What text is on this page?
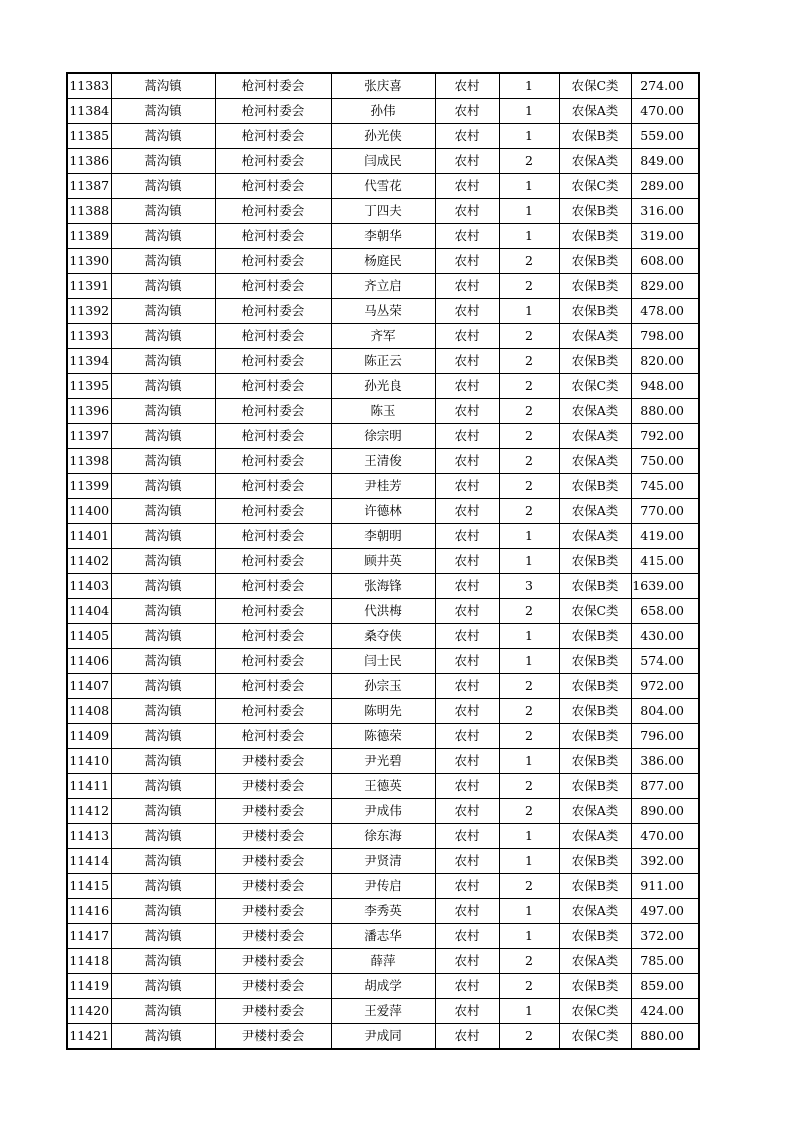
11383	蒿沟镇	枪河村委会	张庆喜	农村	1	农保C类	274.00
11384	蒿沟镇	枪河村委会	孙伟	农村	1	农保A类	470.00
11385	蒿沟镇	枪河村委会	孙光侠	农村	1	农保B类	559.00
11386	蒿沟镇	枪河村委会	闫成民	农村	2	农保A类	849.00
11387	蒿沟镇	枪河村委会	代雪花	农村	1	农保C类	289.00
11388	蒿沟镇	枪河村委会	丁四夫	农村	1	农保B类	316.00
11389	蒿沟镇	枪河村委会	李朝华	农村	1	农保B类	319.00
11390	蒿沟镇	枪河村委会	杨庭民	农村	2	农保B类	608.00
11391	蒿沟镇	枪河村委会	齐立启	农村	2	农保B类	829.00
11392	蒿沟镇	枪河村委会	马丛荣	农村	1	农保B类	478.00
11393	蒿沟镇	枪河村委会	齐军	农村	2	农保A类	798.00
11394	蒿沟镇	枪河村委会	陈正云	农村	2	农保B类	820.00
11395	蒿沟镇	枪河村委会	孙光良	农村	2	农保C类	948.00
11396	蒿沟镇	枪河村委会	陈玉	农村	2	农保A类	880.00
11397	蒿沟镇	枪河村委会	徐宗明	农村	2	农保A类	792.00
11398	蒿沟镇	枪河村委会	王清俊	农村	2	农保A类	750.00
11399	蒿沟镇	枪河村委会	尹桂芳	农村	2	农保B类	745.00
11400	蒿沟镇	枪河村委会	许德林	农村	2	农保A类	770.00
11401	蒿沟镇	枪河村委会	李朝明	农村	1	农保A类	419.00
11402	蒿沟镇	枪河村委会	顾井英	农村	1	农保B类	415.00
11403	蒿沟镇	枪河村委会	张海锋	农村	3	农保B类	1639.00
11404	蒿沟镇	枪河村委会	代洪梅	农村	2	农保C类	658.00
11405	蒿沟镇	枪河村委会	桑夺侠	农村	1	农保B类	430.00
11406	蒿沟镇	枪河村委会	闫士民	农村	1	农保B类	574.00
11407	蒿沟镇	枪河村委会	孙宗玉	农村	2	农保B类	972.00
11408	蒿沟镇	枪河村委会	陈明先	农村	2	农保B类	804.00
11409	蒿沟镇	枪河村委会	陈德荣	农村	2	农保B类	796.00
11410	蒿沟镇	尹楼村委会	尹光碧	农村	1	农保B类	386.00
11411	蒿沟镇	尹楼村委会	王德英	农村	2	农保B类	877.00
11412	蒿沟镇	尹楼村委会	尹成伟	农村	2	农保A类	890.00
11413	蒿沟镇	尹楼村委会	徐东海	农村	1	农保A类	470.00
11414	蒿沟镇	尹楼村委会	尹贤清	农村	1	农保B类	392.00
11415	蒿沟镇	尹楼村委会	尹传启	农村	2	农保B类	911.00
11416	蒿沟镇	尹楼村委会	李秀英	农村	1	农保A类	497.00
11417	蒿沟镇	尹楼村委会	潘志华	农村	1	农保B类	372.00
11418	蒿沟镇	尹楼村委会	薛萍	农村	2	农保A类	785.00
11419	蒿沟镇	尹楼村委会	胡成学	农村	2	农保B类	859.00
11420	蒿沟镇	尹楼村委会	王爱萍	农村	1	农保C类	424.00
11421	蒿沟镇	尹楼村委会	尹成同	农村	2	农保C类	880.00
